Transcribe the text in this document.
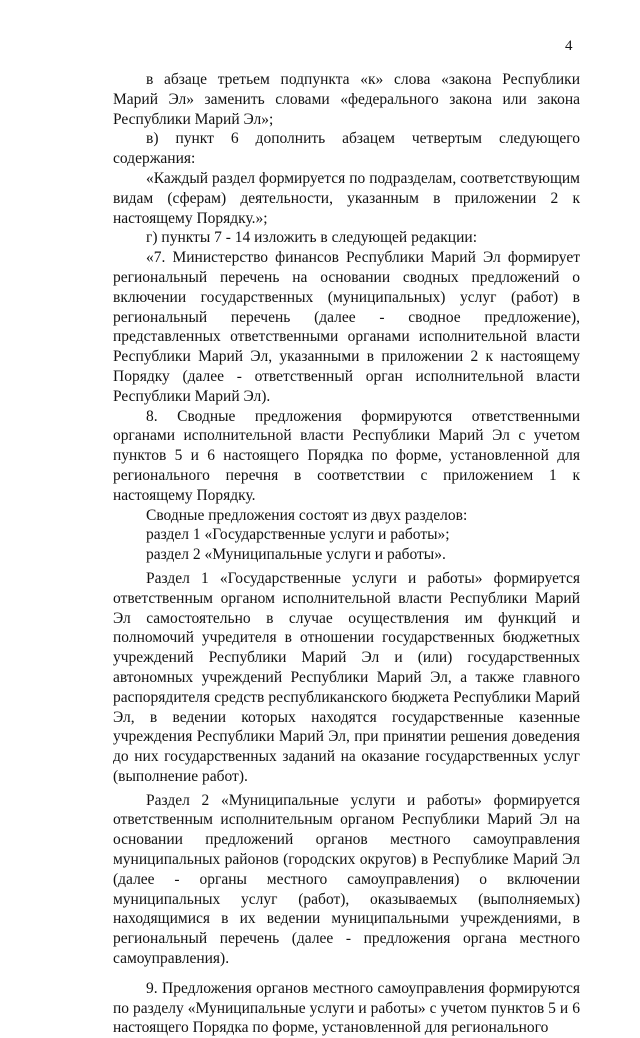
4

в абзаце третьем подпункта «к» слова «закона Республики Марий Эл» заменить словами «федерального закона или закона Республики Марий Эл»;

в) пункт 6 дополнить абзацем четвертым следующего содержания:

«Каждый раздел формируется по подразделам, соответствующим видам (сферам) деятельности, указанным в приложении 2 к настоящему Порядку.»;

г) пункты 7 - 14 изложить в следующей редакции:

«7. Министерство финансов Республики Марий Эл формирует региональный перечень на основании сводных предложений о включении государственных (муниципальных) услуг (работ) в региональный перечень (далее - сводное предложение), представленных ответственными органами исполнительной власти Республики Марий Эл, указанными в приложении 2 к настоящему Порядку (далее - ответственный орган исполнительной власти Республики Марий Эл).

8. Сводные предложения формируются ответственными органами исполнительной власти Республики Марий Эл с учетом пунктов 5 и 6 настоящего Порядка по форме, установленной для регионального перечня в соответствии с приложением 1 к настоящему Порядку.

Сводные предложения состоят из двух разделов:

раздел 1 «Государственные услуги и работы»;

раздел 2 «Муниципальные услуги и работы».

Раздел 1 «Государственные услуги и работы» формируется ответственным органом исполнительной власти Республики Марий Эл самостоятельно в случае осуществления им функций и полномочий учредителя в отношении государственных бюджетных учреждений Республики Марий Эл и (или) государственных автономных учреждений Республики Марий Эл, а также главного распорядителя средств республиканского бюджета Республики Марий Эл, в ведении которых находятся государственные казенные учреждения Республики Марий Эл, при принятии решения доведения до них государственных заданий на оказание государственных услуг (выполнение работ).

Раздел 2 «Муниципальные услуги и работы» формируется ответственным исполнительным органом Республики Марий Эл на основании предложений органов местного самоуправления муниципальных районов (городских округов) в Республике Марий Эл (далее - органы местного самоуправления) о включении муниципальных услуг (работ), оказываемых (выполняемых) находящимися в их ведении муниципальными учреждениями, в региональный перечень (далее - предложения органа местного самоуправления).

9. Предложения органов местного самоуправления формируются по разделу «Муниципальные услуги и работы» с учетом пунктов 5 и 6 настоящего Порядка по форме, установленной для регионального
